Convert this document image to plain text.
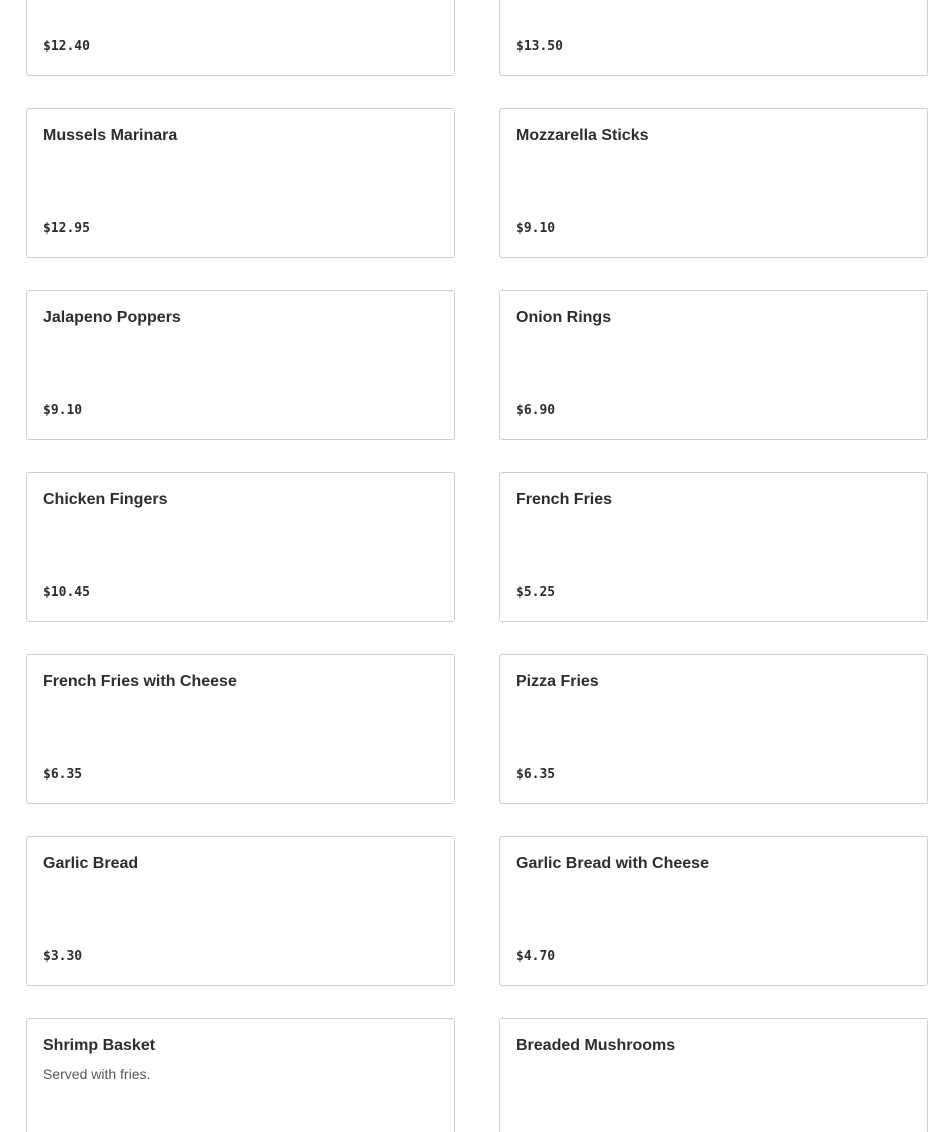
$12.40	$13.50
Mussels Marinara
$12.95
Mozzarella Sticks
$9.10
Jalapeno Poppers
$9.10
Onion Rings
$6.90
Chicken Fingers
$10.45
French Fries
$5.25
French Fries with Cheese
$6.35
Pizza Fries
$6.35
Garlic Bread
$3.30
Garlic Bread with Cheese
$4.70
Shrimp Basket
Served with fries.
Breaded Mushrooms
